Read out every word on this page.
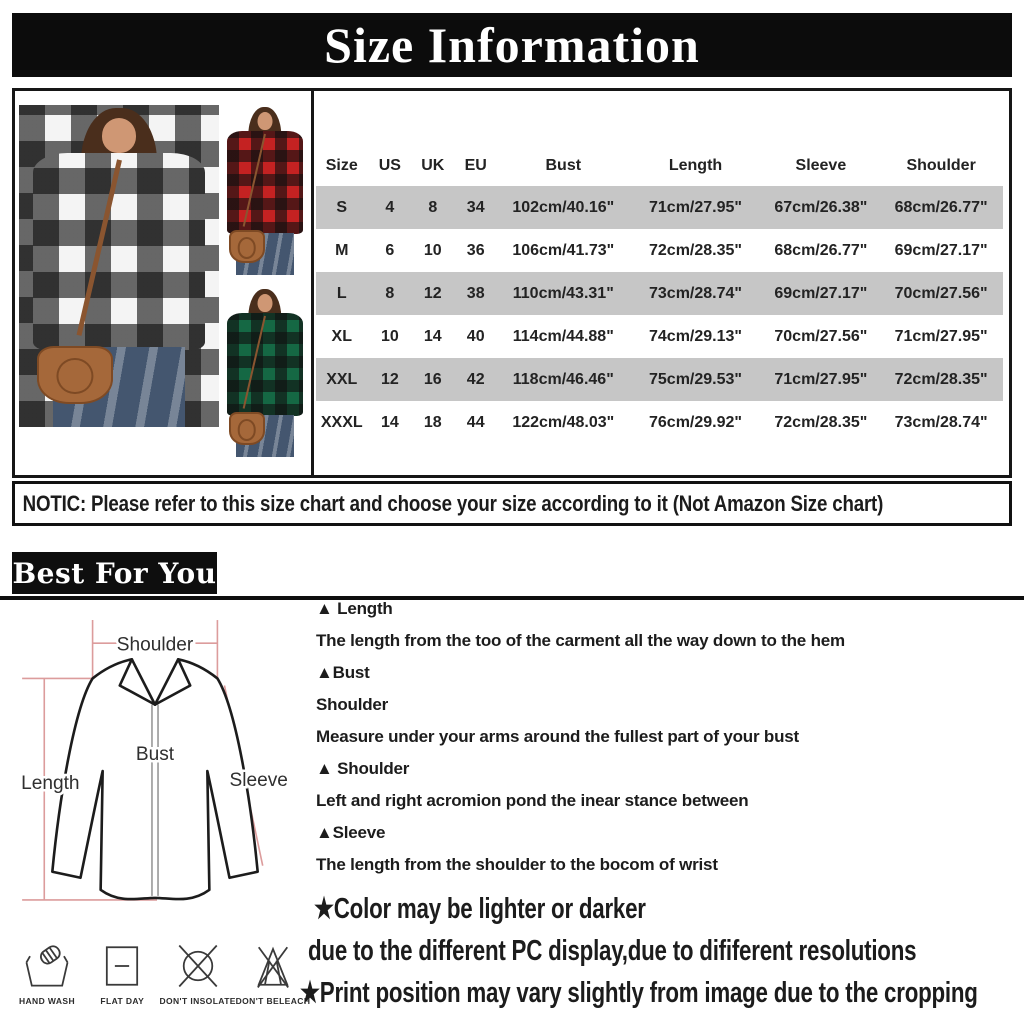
Size Information
Size	US	UK	EU	Bust	Length	Sleeve	Shoulder
S	4	8	34	102cm/40.16"	71cm/27.95"	67cm/26.38"	68cm/26.77"
M	6	10	36	106cm/41.73"	72cm/28.35"	68cm/26.77"	69cm/27.17"
L	8	12	38	110cm/43.31"	73cm/28.74"	69cm/27.17"	70cm/27.56"
XL	10	14	40	114cm/44.88"	74cm/29.13"	70cm/27.56"	71cm/27.95"
XXL	12	16	42	118cm/46.46"	75cm/29.53"	71cm/27.95"	72cm/28.35"
XXXL	14	18	44	122cm/48.03"	76cm/29.92"	72cm/28.35"	73cm/28.74"
NOTIC: Please refer to this size chart and choose your size according to it (Not Amazon Size chart)
Best For You
Shoulder
Bust
Length	Sleeve
▲ Length
The length from the too of the carment all the way down to the hem
▲Bust
Shoulder
Measure under your arms around the fullest part of your bust
▲ Shoulder
Left and right acromion pond the inear stance between
▲Sleeve
The length from the shoulder to the bocom of wrist
HAND WASH	FLAT DAY DON'T INSOLATE DON'T BELEACH
★Color may be lighter or darker
due to the different PC display,due to dififerent resolutions
★Print position may vary slightly from image due to the cropping
